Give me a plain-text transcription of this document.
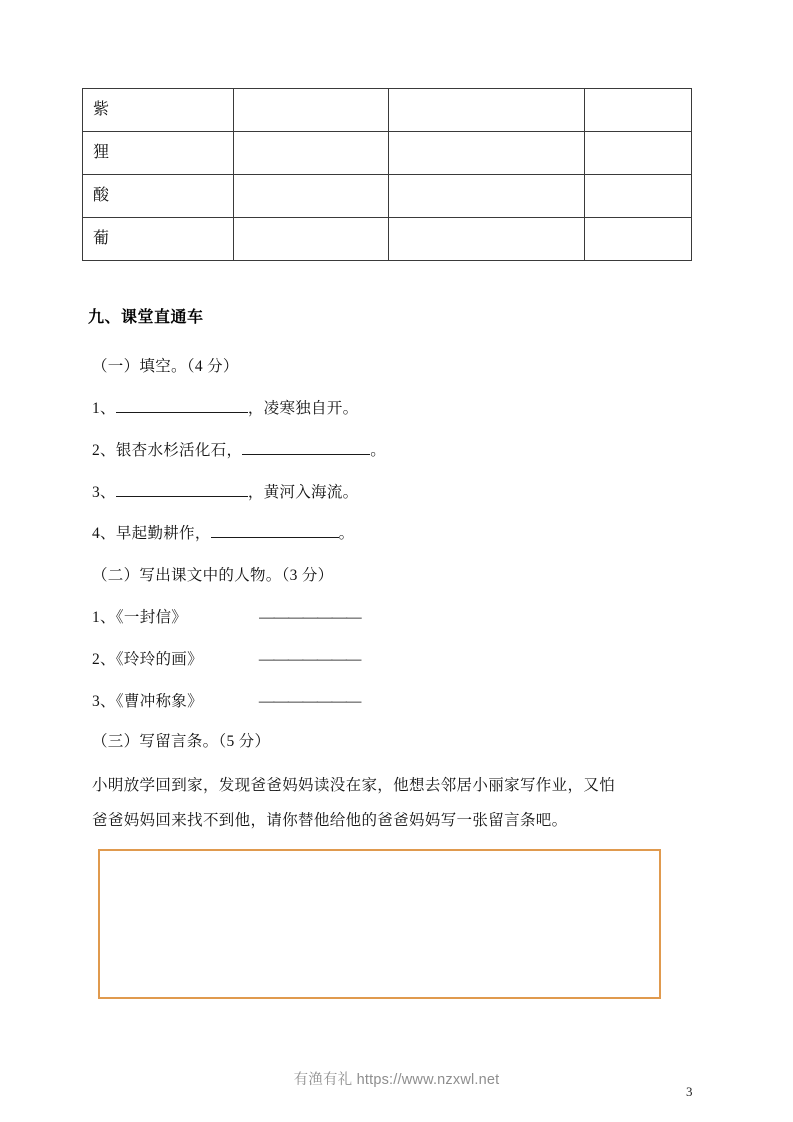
紫			
狸			
酸			
葡			
九、课堂直通车
（一）填空。（4 分）
1、	，凌寒独自开。
2、银杏水杉活化石，	。
3、	，黄河入海流。
4、早起勤耕作，	。
（二）写出课文中的人物。（3 分）
1、《一封信》	———————
2、《玲玲的画》	———————
3、《曹冲称象》	———————
（三）写留言条。（5 分）
小明放学回到家，发现爸爸妈妈读没在家，他想去邻居小丽家写作业，又怕
爸爸妈妈回来找不到他，请你替他给他的爸爸妈妈写一张留言条吧。
有渔有礼 https://www.nzxwl.net
3
